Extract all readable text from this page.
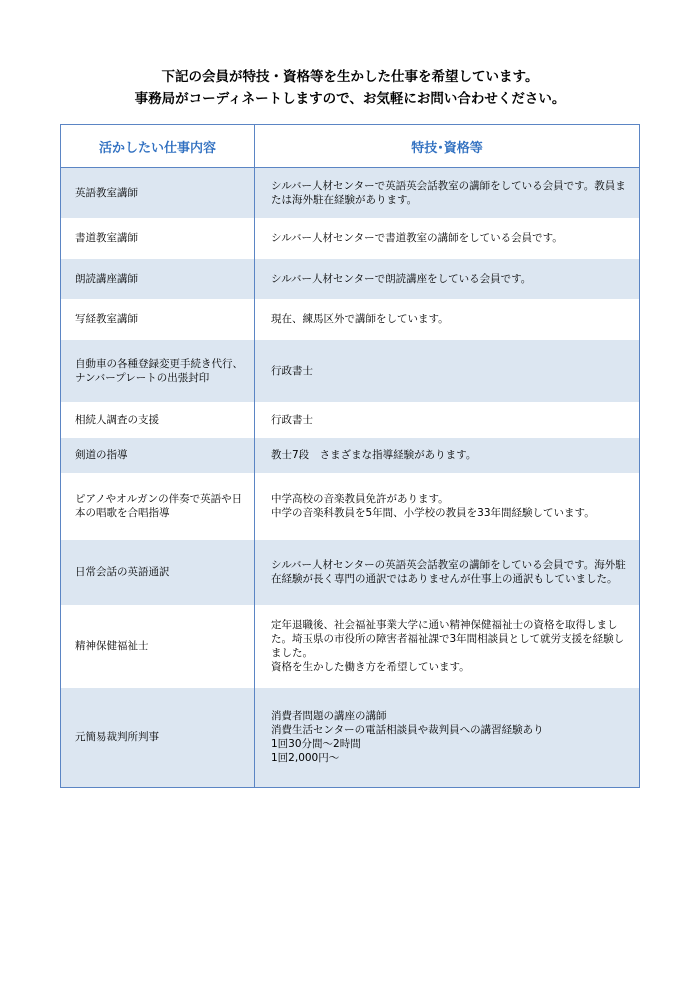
下記の会員が特技・資格等を生かした仕事を希望しています。
事務局がコーディネートしますので、お気軽にお問い合わせください。
活かしたい仕事内容	特技･資格等
英語教室講師	シルバー人材センターで英語英会話教室の講師をしている会員です。教員または海外駐在経験があります。
書道教室講師	シルバー人材センターで書道教室の講師をしている会員です。
朗読講座講師	シルバー人材センターで朗読講座をしている会員です。
写経教室講師	現在、練馬区外で講師をしています。
自動車の各種登録変更手続き代行、ナンバープレートの出張封印	行政書士
相続人調査の支援	行政書士
剣道の指導	教士7段　さまざまな指導経験があります。
ピアノやオルガンの伴奏で英語や日本の唱歌を合唱指導	中学高校の音楽教員免許があります。
中学の音楽科教員を5年間、小学校の教員を33年間経験しています。
日常会話の英語通訳	シルバー人材センターの英語英会話教室の講師をしている会員です。海外駐在経験が長く専門の通訳ではありませんが仕事上の通訳もしていました。
精神保健福祉士	定年退職後、社会福祉事業大学に通い精神保健福祉士の資格を取得しました。埼玉県の市役所の障害者福祉課で3年間相談員として就労支援を経験しました。
資格を生かした働き方を希望しています。
元簡易裁判所判事	消費者問題の講座の講師
消費生活センターの電話相談員や裁判員への講習経験あり
1回30分間～2時間
1回2,000円～
